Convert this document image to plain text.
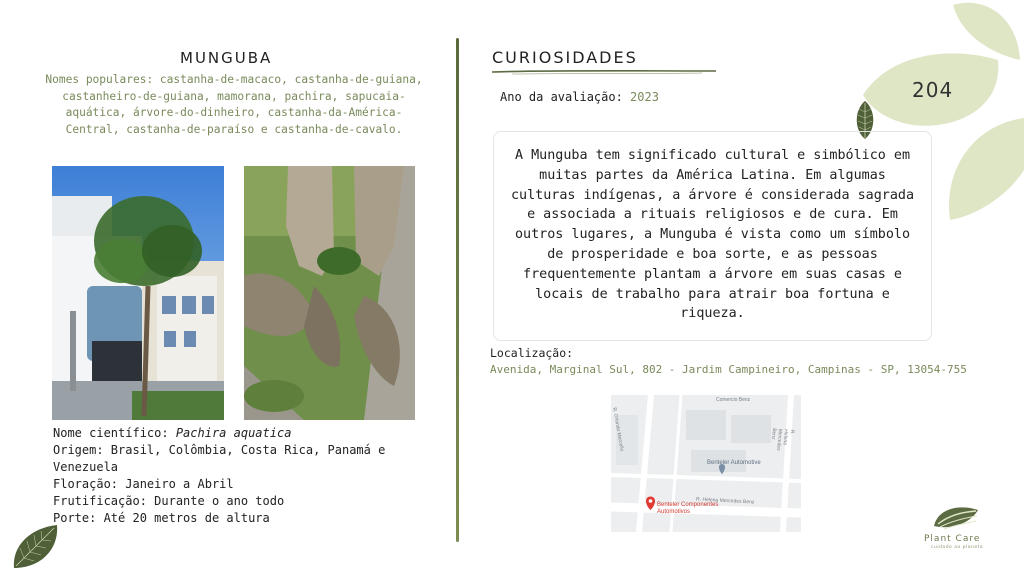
MUNGUBA
Nomes populares: castanha-de-macaco, castanha-de-guiana, castanheiro-de-guiana, mamorana, pachira, sapucaia-aquática, árvore-do-dinheiro, castanha-da-América-Central, castanha-de-paraíso e castanha-de-cavalo.
Nome científico: Pachira aquatica
Origem: Brasil, Colômbia, Costa Rica, Panamá e Venezuela
Floração: Janeiro a Abril
Frutificação: Durante o ano todo
Porte: Até 20 metros de altura
CURIOSIDADES
Ano da avaliação: 2023	204
A Munguba tem significado cultural e simbólico em muitas partes da América Latina. Em algumas culturas indígenas, a árvore é considerada sagrada e associada a rituais religiosos e de cura. Em outros lugares, a Munguba é vista como um símbolo de prosperidade e boa sorte, e as pessoas frequentemente plantam a árvore em suas casas e locais de trabalho para atrair boa fortuna e riqueza.
Localização:
Avenida, Marginal Sul, 802 - Jardim Campineiro, Campinas - SP, 13054-755
Comercio Benz
R. Orlando Marcello	R. Helena Mercedes Benz
R. Helena Mercedes Benz
Benteler Automotive
Benteler Componentes Automotivos
Plant Care
cuidado ao planeta
